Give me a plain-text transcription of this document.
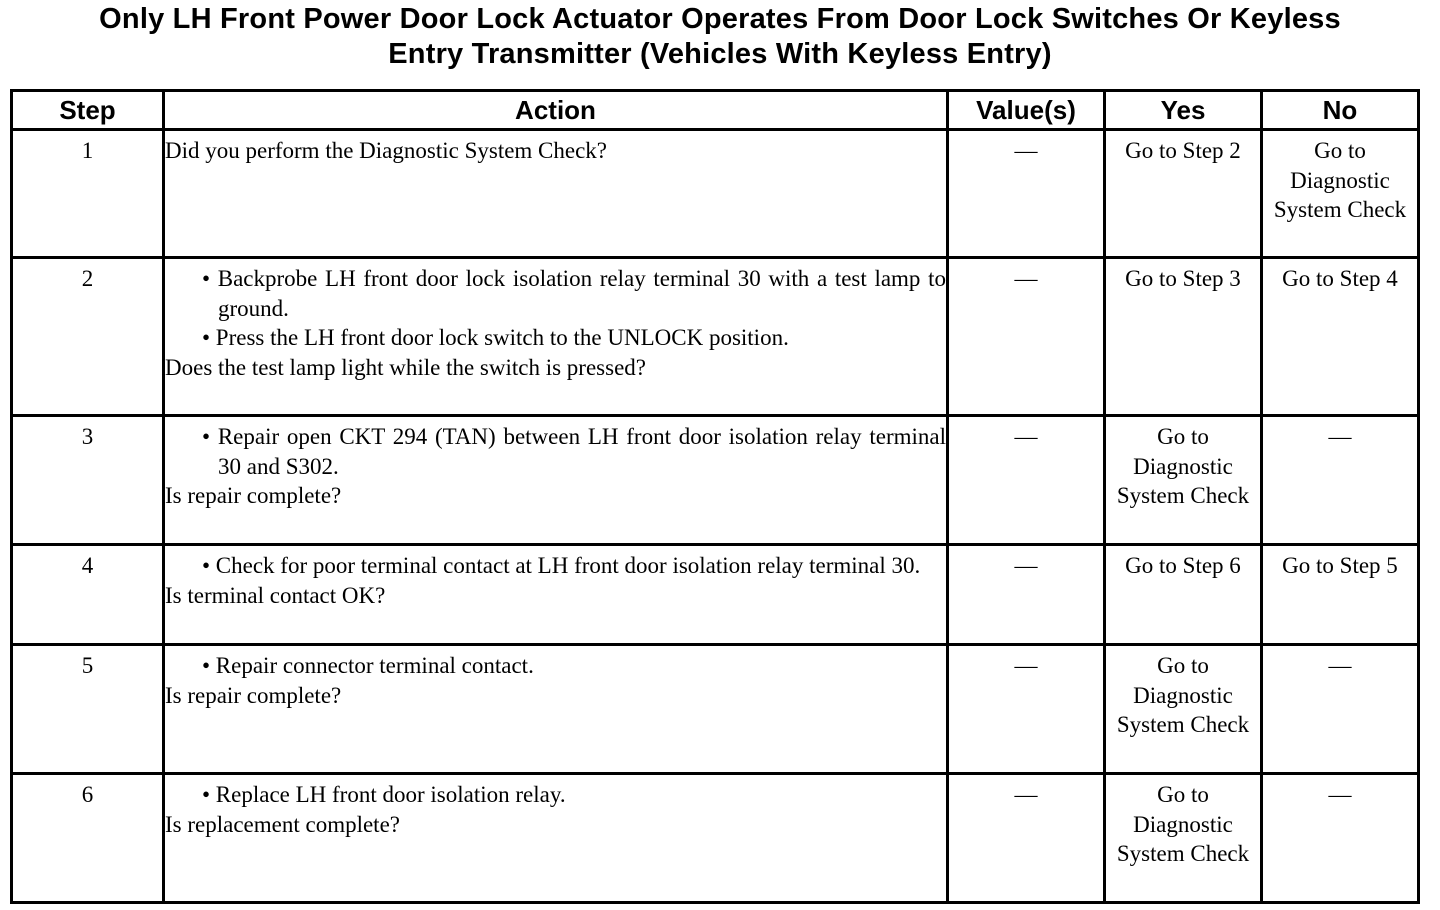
Only LH Front Power Door Lock Actuator Operates From Door Lock Switches Or Keyless
Entry Transmitter (Vehicles With Keyless Entry)
Step	Action	Value(s)	Yes	No
1	Did you perform the Diagnostic System Check?	—	Go to Step 2	Go to Diagnostic System Check
2	• Backprobe LH front door lock isolation relay terminal 30 with a test lamp to ground.
• Press the LH front door lock switch to the UNLOCK position.
Does the test lamp light while the switch is pressed?	—	Go to Step 3	Go to Step 4
3	• Repair open CKT 294 (TAN) between LH front door isolation relay terminal 30 and S302.
Is repair complete?	—	Go to Diagnostic System Check	—
4	• Check for poor terminal contact at LH front door isolation relay terminal 30.
Is terminal contact OK?	—	Go to Step 6	Go to Step 5
5	• Repair connector terminal contact.
Is repair complete?	—	Go to Diagnostic System Check	—
6	• Replace LH front door isolation relay.
Is replacement complete?	—	Go to Diagnostic System Check	—
